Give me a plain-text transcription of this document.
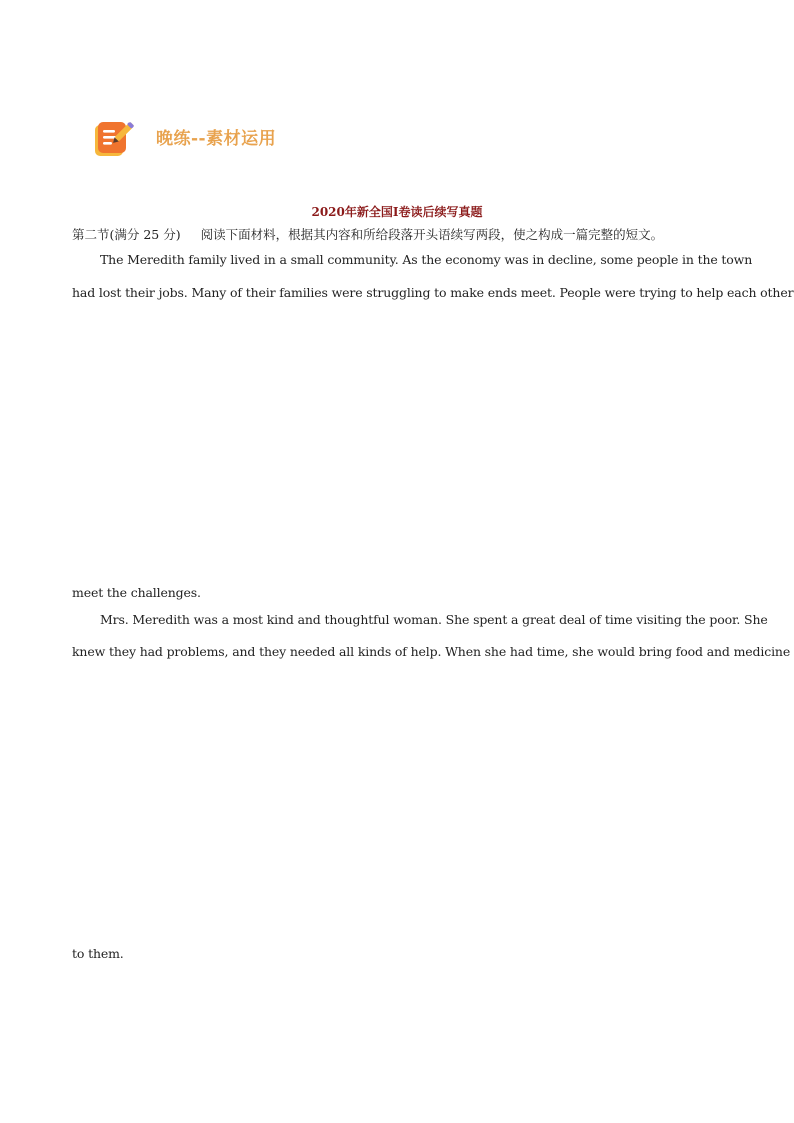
晚练--素材运用
2020年新全国I卷读后续写真题
第二节(满分 25 分) 阅读下面材料，根据其内容和所给段落开头语续写两段，使之构成一篇完整的短文。
The Meredith family lived in a small community. As the economy was in decline, some people in the town
had lost their jobs. Many of their families were struggling to make ends meet. People were trying to help each other
meet the challenges.
Mrs. Meredith was a most kind and thoughtful woman. She spent a great deal of time visiting the poor. She
knew they had problems, and they needed all kinds of help. When she had time, she would bring food and medicine
to them.
